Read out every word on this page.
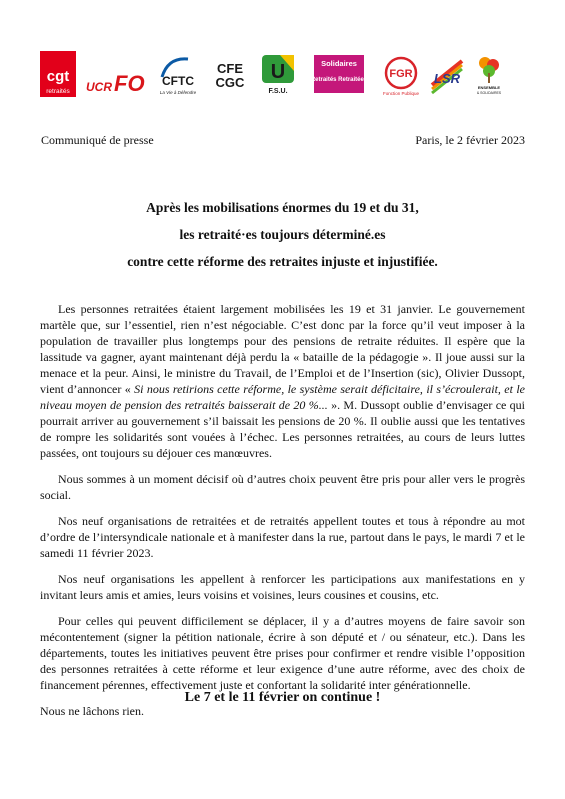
cgt
retraités UCR FO CFTC
La Vie à Défendre
CFE
CGC U
F.S.U.
Solidaires
Retraités Retraitées FGR
Fonction Publique
LSR
ENSEMBLE
& SOLIDAIRES
Communiqué de presse	Paris, le 2 février 2023
Après les mobilisations énormes du 19 et du 31,
les retraité·es toujours déterminé.es
contre cette réforme des retraites injuste et injustifiée.

Les personnes retraitées étaient largement mobilisées les 19 et 31 janvier. Le gouvernement martèle que, sur l’essentiel, rien n’est négociable. C’est donc par la force qu’il veut imposer à la population de travailler plus longtemps pour des pensions de retraite réduites. Il espère que la lassitude va gagner, ayant maintenant déjà perdu la « bataille de la pédagogie ». Il joue aussi sur la menace et la peur. Ainsi, le ministre du Travail, de l’Emploi et de l’Insertion (sic), Olivier Dussopt, vient d’annoncer « Si nous retirions cette réforme, le système serait déficitaire, il s’écroulerait, et le niveau moyen de pension des retraités baisserait de 20 %... ». M. Dussopt oublie d’envisager ce qui pourrait arriver au gouvernement s’il baissait les pensions de 20 %. Il oublie aussi que les tentatives de rompre les solidarités sont vouées à l’échec. Les personnes retraitées, au cours de leurs luttes passées, ont toujours su déjouer ces manœuvres.

Nous sommes à un moment décisif où d’autres choix peuvent être pris pour aller vers le progrès social.

Nos neuf organisations de retraitées et de retraités appellent toutes et tous à répondre au mot d’ordre de l’intersyndicale nationale et à manifester dans la rue, partout dans le pays, le mardi 7 et le samedi 11 février 2023.

Nos neuf organisations les appellent à renforcer les participations aux manifestations en y invitant leurs amis et amies, leurs voisins et voisines, leurs cousines et cousins, etc.

Pour celles qui peuvent difficilement se déplacer, il y a d’autres moyens de faire savoir son mécontentement (signer la pétition nationale, écrire à son député et / ou sénateur, etc.). Dans les départements, toutes les initiatives peuvent être prises pour confirmer et rendre visible l’opposition des personnes retraitées à cette réforme et leur exigence d’une autre réforme, avec des choix de financement pérennes, effectivement juste et confortant la solidarité inter générationnelle.

Nous ne lâchons rien.

Le 7 et le 11 février on continue !
